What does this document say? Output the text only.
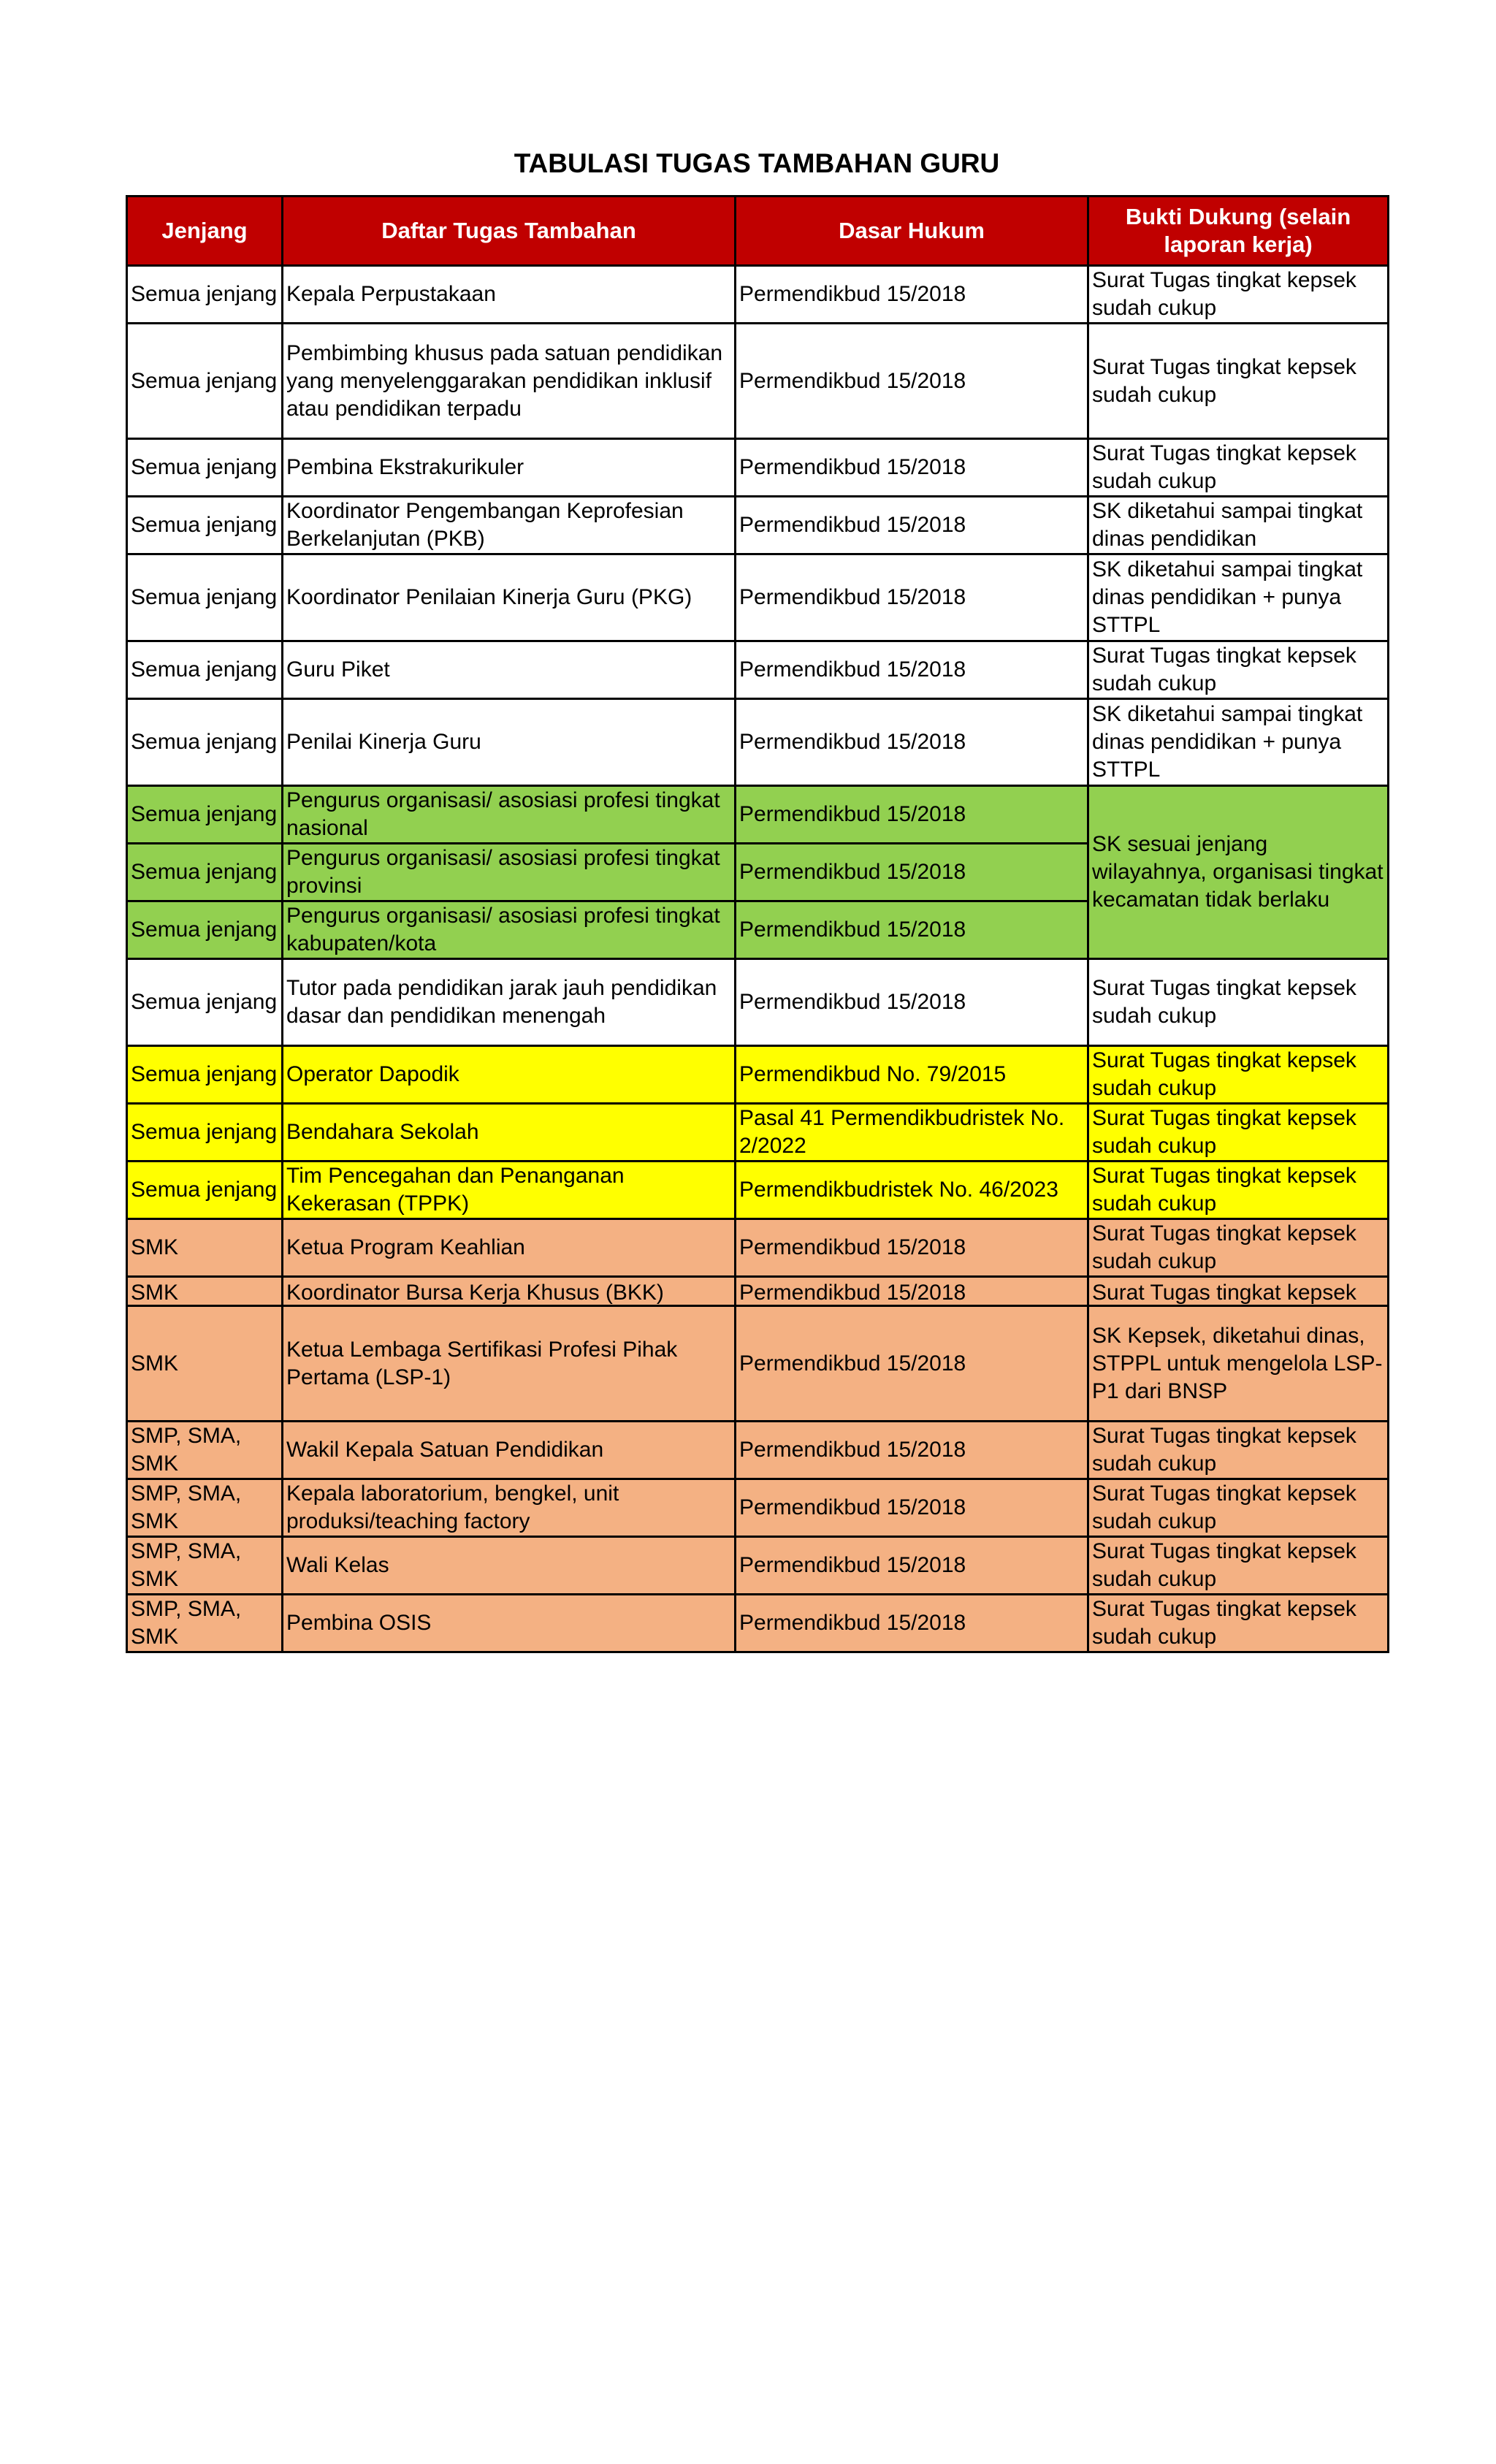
TABULASI TUGAS TAMBAHAN GURU
Jenjang	Daftar Tugas Tambahan	Dasar Hukum	Bukti Dukung (selain laporan kerja)
Semua jenjang	Kepala Perpustakaan	Permendikbud 15/2018	Surat Tugas tingkat kepsek sudah cukup
Semua jenjang	Pembimbing khusus pada satuan pendidikan yang menyelenggarakan pendidikan inklusif atau pendidikan terpadu	Permendikbud 15/2018	Surat Tugas tingkat kepsek sudah cukup
Semua jenjang	Pembina Ekstrakurikuler	Permendikbud 15/2018	Surat Tugas tingkat kepsek sudah cukup
Semua jenjang	Koordinator Pengembangan Keprofesian Berkelanjutan (PKB)	Permendikbud 15/2018	SK diketahui sampai tingkat dinas pendidikan
Semua jenjang	Koordinator Penilaian Kinerja Guru (PKG)	Permendikbud 15/2018	SK diketahui sampai tingkat dinas pendidikan + punya STTPL
Semua jenjang	Guru Piket	Permendikbud 15/2018	Surat Tugas tingkat kepsek sudah cukup
Semua jenjang	Penilai Kinerja Guru	Permendikbud 15/2018	SK diketahui sampai tingkat dinas pendidikan + punya STTPL
Semua jenjang	Pengurus organisasi/ asosiasi profesi tingkat nasional	Permendikbud 15/2018	SK sesuai jenjang wilayahnya, organisasi tingkat kecamatan tidak berlaku
Semua jenjang	Pengurus organisasi/ asosiasi profesi tingkat provinsi	Permendikbud 15/2018	
Semua jenjang	Pengurus organisasi/ asosiasi profesi tingkat kabupaten/kota	Permendikbud 15/2018	
Semua jenjang	Tutor pada pendidikan jarak jauh pendidikan dasar dan pendidikan menengah	Permendikbud 15/2018	Surat Tugas tingkat kepsek sudah cukup
Semua jenjang	Operator Dapodik	Permendikbud No. 79/2015	Surat Tugas tingkat kepsek sudah cukup
Semua jenjang	Bendahara Sekolah	Pasal 41 Permendikbudristek No. 2/2022	Surat Tugas tingkat kepsek sudah cukup
Semua jenjang	Tim Pencegahan dan Penanganan Kekerasan (TPPK)	Permendikbudristek No. 46/2023	Surat Tugas tingkat kepsek sudah cukup
SMK	Ketua Program Keahlian	Permendikbud 15/2018	Surat Tugas tingkat kepsek sudah cukup

SMK	Koordinator Bursa Kerja Khusus (BKK)	Permendikbud 15/2018	Surat Tugas tingkat kepsek

SMK	Ketua Lembaga Sertifikasi Profesi Pihak Pertama (LSP-1)	Permendikbud 15/2018	SK Kepsek, diketahui dinas, STPPL untuk mengelola LSP-P1 dari BNSP
SMP, SMA, SMK	Wakil Kepala Satuan Pendidikan	Permendikbud 15/2018	Surat Tugas tingkat kepsek sudah cukup
SMP, SMA, SMK	Kepala laboratorium, bengkel, unit produksi/teaching factory	Permendikbud 15/2018	Surat Tugas tingkat kepsek sudah cukup
SMP, SMA, SMK	Wali Kelas	Permendikbud 15/2018	Surat Tugas tingkat kepsek sudah cukup
SMP, SMA, SMK	Pembina OSIS	Permendikbud 15/2018	Surat Tugas tingkat kepsek sudah cukup
